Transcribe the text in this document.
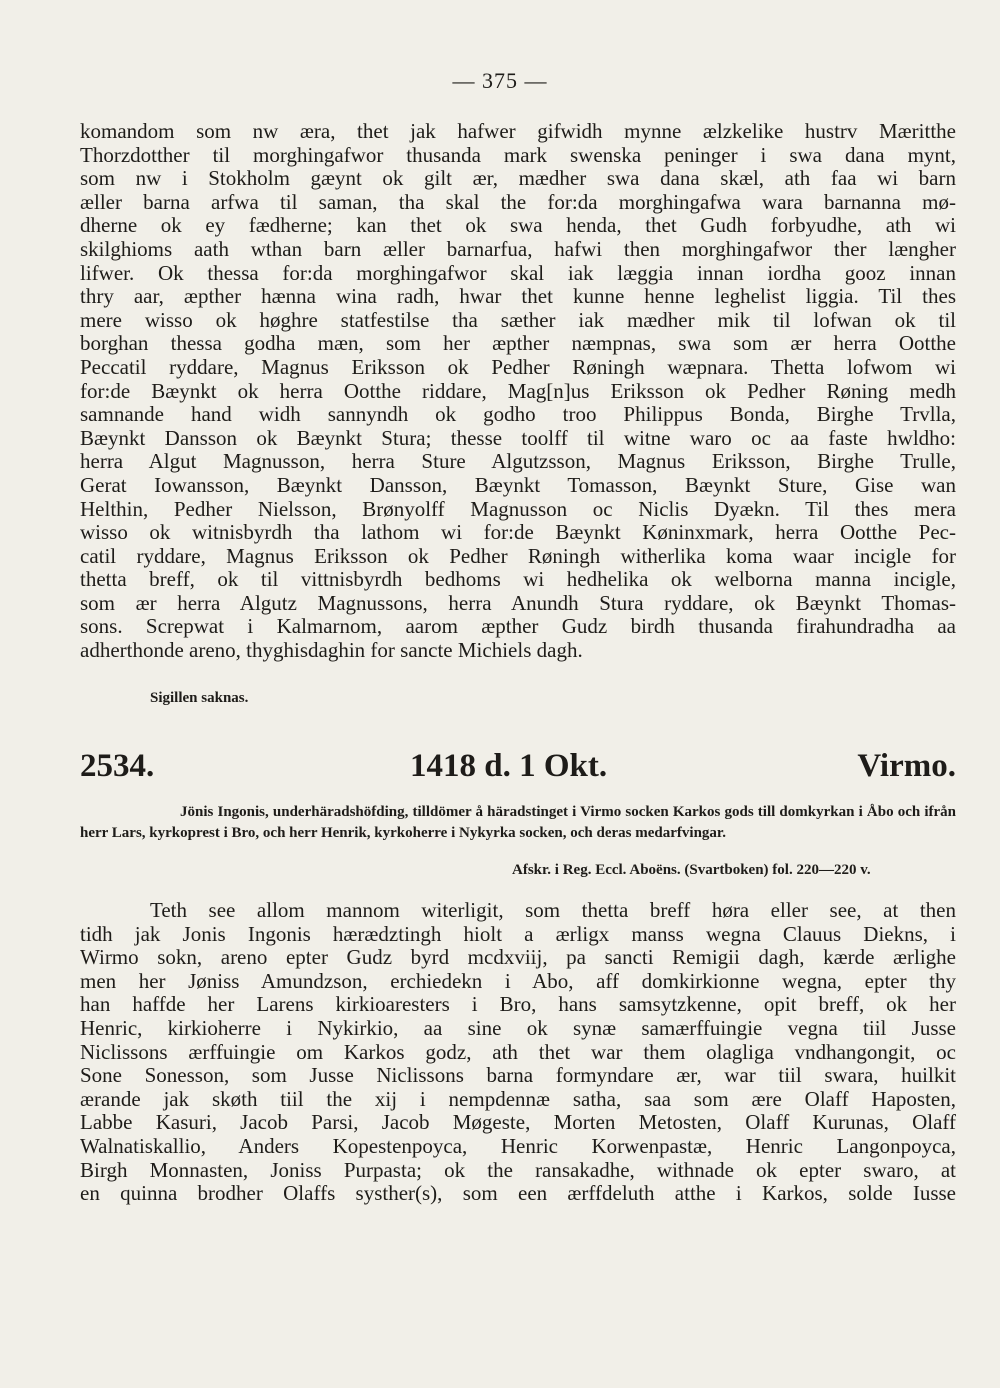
— 375 —

komandom som nw æra, thet jak hafwer gifwidh mynne ælzkelike hustrv Mæritthe
Thorzdotther til morghingafwor thusanda mark swenska peninger i swa dana mynt,
som nw i Stokholm gæynt ok gilt ær, mædher swa dana skæl, ath faa wi barn
æller barna arfwa til saman, tha skal the for:da morghingafwa wara barnanna mø-
dherne ok ey fædherne; kan thet ok swa henda, thet Gudh forbyudhe, ath wi
skilghioms aath wthan barn æller barnarfua, hafwi then morghingafwor ther længher
lifwer. Ok thessa for:da morghingafwor skal iak læggia innan iordha gooz innan
thry aar, æpther hænna wina radh, hwar thet kunne henne leghelist liggia. Til thes
mere wisso ok høghre statfestilse tha sæther iak mædher mik til lofwan ok til
borghan thessa godha mæn, som her æpther næmpnas, swa som ær herra Ootthe
Peccatil ryddare, Magnus Eriksson ok Pedher Røningh wæpnara. Thetta lofwom wi
for:de Bæynkt ok herra Ootthe riddare, Mag[n]us Eriksson ok Pedher Røning medh
samnande hand widh sannyndh ok godho troo Philippus Bonda, Birghe Trvlla,
Bæynkt Dansson ok Bæynkt Stura; thesse toolff til witne waro oc aa faste hwldho:
herra Algut Magnusson, herra Sture Algutzsson, Magnus Eriksson, Birghe Trulle,
Gerat Iowansson, Bæynkt Dansson, Bæynkt Tomasson, Bæynkt Sture, Gise wan
Helthin, Pedher Nielsson, Brønyolff Magnusson oc Niclis Dyækn. Til thes mera
wisso ok witnisbyrdh tha lathom wi for:de Bæynkt Køninxmark, herra Ootthe Pec-
catil ryddare, Magnus Eriksson ok Pedher Røningh witherlika koma waar incigle for
thetta breff, ok til vittnisbyrdh bedhoms wi hedhelika ok welborna manna incigle,
som ær herra Algutz Magnussons, herra Anundh Stura ryddare, ok Bæynkt Thomas-
sons. Screpwat i Kalmarnom, aarom æpther Gudz birdh thusanda firahundradha aa
adherthonde areno, thyghisdaghin for sancte Michiels dagh.

Sigillen saknas.
2534.	1418 d. 1 Okt.	Virmo.

Jönis Ingonis, underhäradshöfding, tilldömer å häradstinget i Virmo socken Karkos gods till domkyrkan i Åbo och ifrån herr Lars, kyrkoprest i Bro, och herr Henrik, kyrkoherre i Nykyrka socken, och deras medarfvingar.

Afskr. i Reg. Eccl. Aboëns. (Svartboken) fol. 220—220 v.

Teth see allom mannom witerligit, som thetta breff høra eller see, at then
tidh jak Jonis Ingonis hærædztingh hiolt a ærligx manss wegna Clauus Diekns, i
Wirmo sokn, areno epter Gudz byrd mcdxviij, pa sancti Remigii dagh, kærde ærlighe
men her Jøniss Amundzson, erchiedekn i Abo, aff domkirkionne wegna, epter thy
han haffde her Larens kirkioaresters i Bro, hans samsytzkenne, opit breff, ok her
Henric, kirkioherre i Nykirkio, aa sine ok synæ samærffuingie vegna tiil Jusse
Niclissons ærffuingie om Karkos godz, ath thet war them olagliga vndhangongit, oc
Sone Sonesson, som Jusse Niclissons barna formyndare ær, war tiil swara, huilkit
ærande jak skøth tiil the xij i nempdennæ satha, saa som ære Olaff Haposten,
Labbe Kasuri, Jacob Parsi, Jacob Møgeste, Morten Metosten, Olaff Kurunas, Olaff
Walnatiskallio, Anders Kopestenpoyca, Henric Korwenpastæ, Henric Langonpoyca,
Birgh Monnasten, Joniss Purpasta; ok the ransakadhe, withnade ok epter swaro, at
en quinna brodher Olaffs systher(s), som een ærffdeluth atthe i Karkos, solde Iusse
